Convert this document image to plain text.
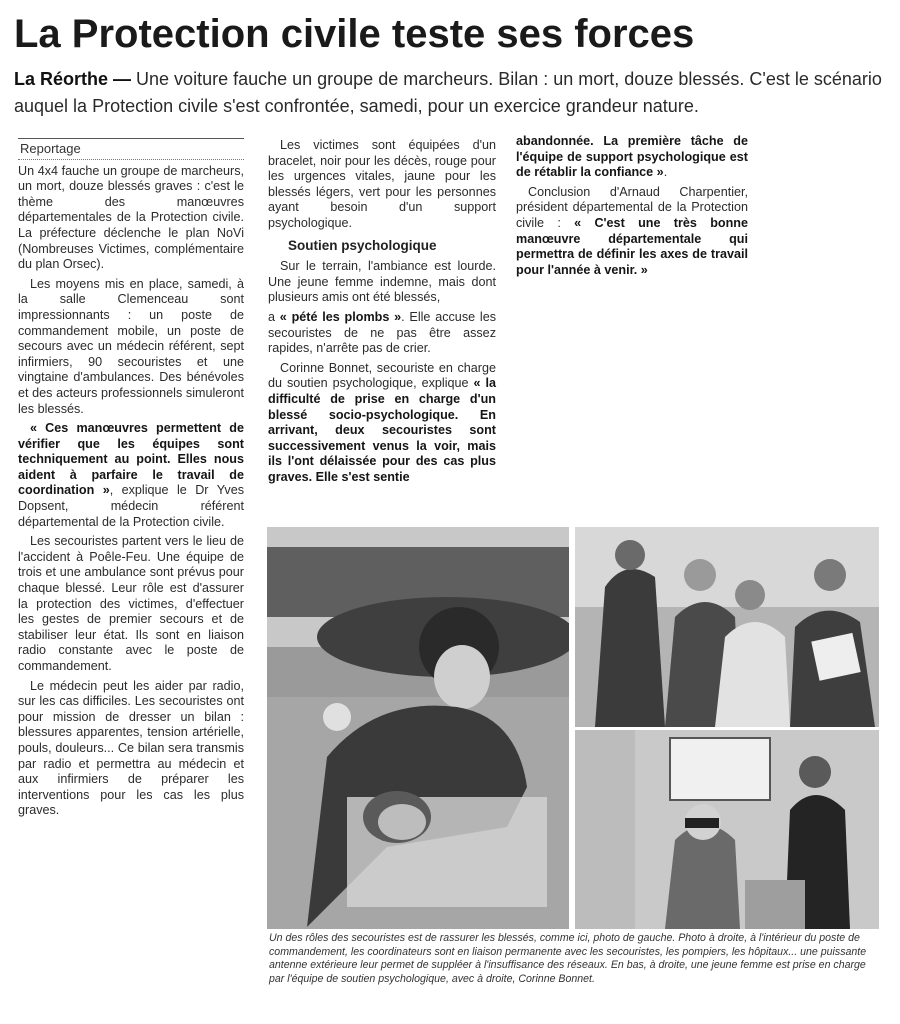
La Protection civile teste ses forces
La Réorthe — Une voiture fauche un groupe de marcheurs. Bilan : un mort, douze blessés. C'est le scénario auquel la Protection civile s'est confrontée, samedi, pour un exercice grandeur nature.
Reportage

Un 4x4 fauche un groupe de marcheurs, un mort, douze blessés graves : c'est le thème des manœuvres départementales de la Protection civile. La préfecture déclenche le plan NoVi (Nombreuses Victimes, complémentaire du plan Orsec).

Les moyens mis en place, samedi, à la salle Clemenceau sont impressionnants : un poste de commandement mobile, un poste de secours avec un médecin référent, sept infirmiers, 90 secouristes et une vingtaine d'ambulances. Des bénévoles et des acteurs professionnels simuleront les blessés.

« Ces manœuvres permettent de vérifier que les équipes sont techniquement au point. Elles nous aident à parfaire le travail de coordination », explique le Dr Yves Dopsent, médecin référent départemental de la Protection civile.

Les secouristes partent vers le lieu de l'accident à Poêle-Feu. Une équipe de trois et une ambulance sont prévus pour chaque blessé. Leur rôle est d'assurer la protection des victimes, d'effectuer les gestes de premier secours et de stabiliser leur état. Ils sont en liaison radio constante avec le poste de commandement.

Le médecin peut les aider par radio, sur les cas difficiles. Les secouristes ont pour mission de dresser un bilan : blessures apparentes, tension artérielle, pouls, douleurs... Ce bilan sera transmis par radio et permettra au médecin et aux infirmiers de préparer les interventions pour les cas les plus graves.

Les victimes sont équipées d'un bracelet, noir pour les décès, rouge pour les urgences vitales, jaune pour les blessés légers, vert pour les personnes ayant besoin d'un support psychologique.

Soutien psychologique

Sur le terrain, l'ambiance est lourde. Une jeune femme indemne, mais dont plusieurs amis ont été blessés,

a « pété les plombs ». Elle accuse les secouristes de ne pas être assez rapides, n'arrête pas de crier.

Corinne Bonnet, secouriste en charge du soutien psychologique, explique « la difficulté de prise en charge d'un blessé socio-psychologique. En arrivant, deux secouristes sont successivement venus la voir, mais ils l'ont délaissée pour des cas plus graves. Elle s'est sentie

abandonnée. La première tâche de l'équipe de support psychologique est de rétablir la confiance ».

Conclusion d'Arnaud Charpentier, président départemental de la Protection civile : « C'est une très bonne manœuvre départementale qui permettra de définir les axes de travail pour l'année à venir. »

Un des rôles des secouristes est de rassurer les blessés, comme ici, photo de gauche. Photo à droite, à l'intérieur du poste de commandement, les coordinateurs sont en liaison permanente avec les secouristes, les pompiers, les hôpitaux... une puissante antenne extérieure leur permet de suppléer à l'insuffisance des réseaux. En bas, à droite, une jeune femme est prise en charge par l'équipe de soutien psychologique, avec à droite, Corinne Bonnet.
